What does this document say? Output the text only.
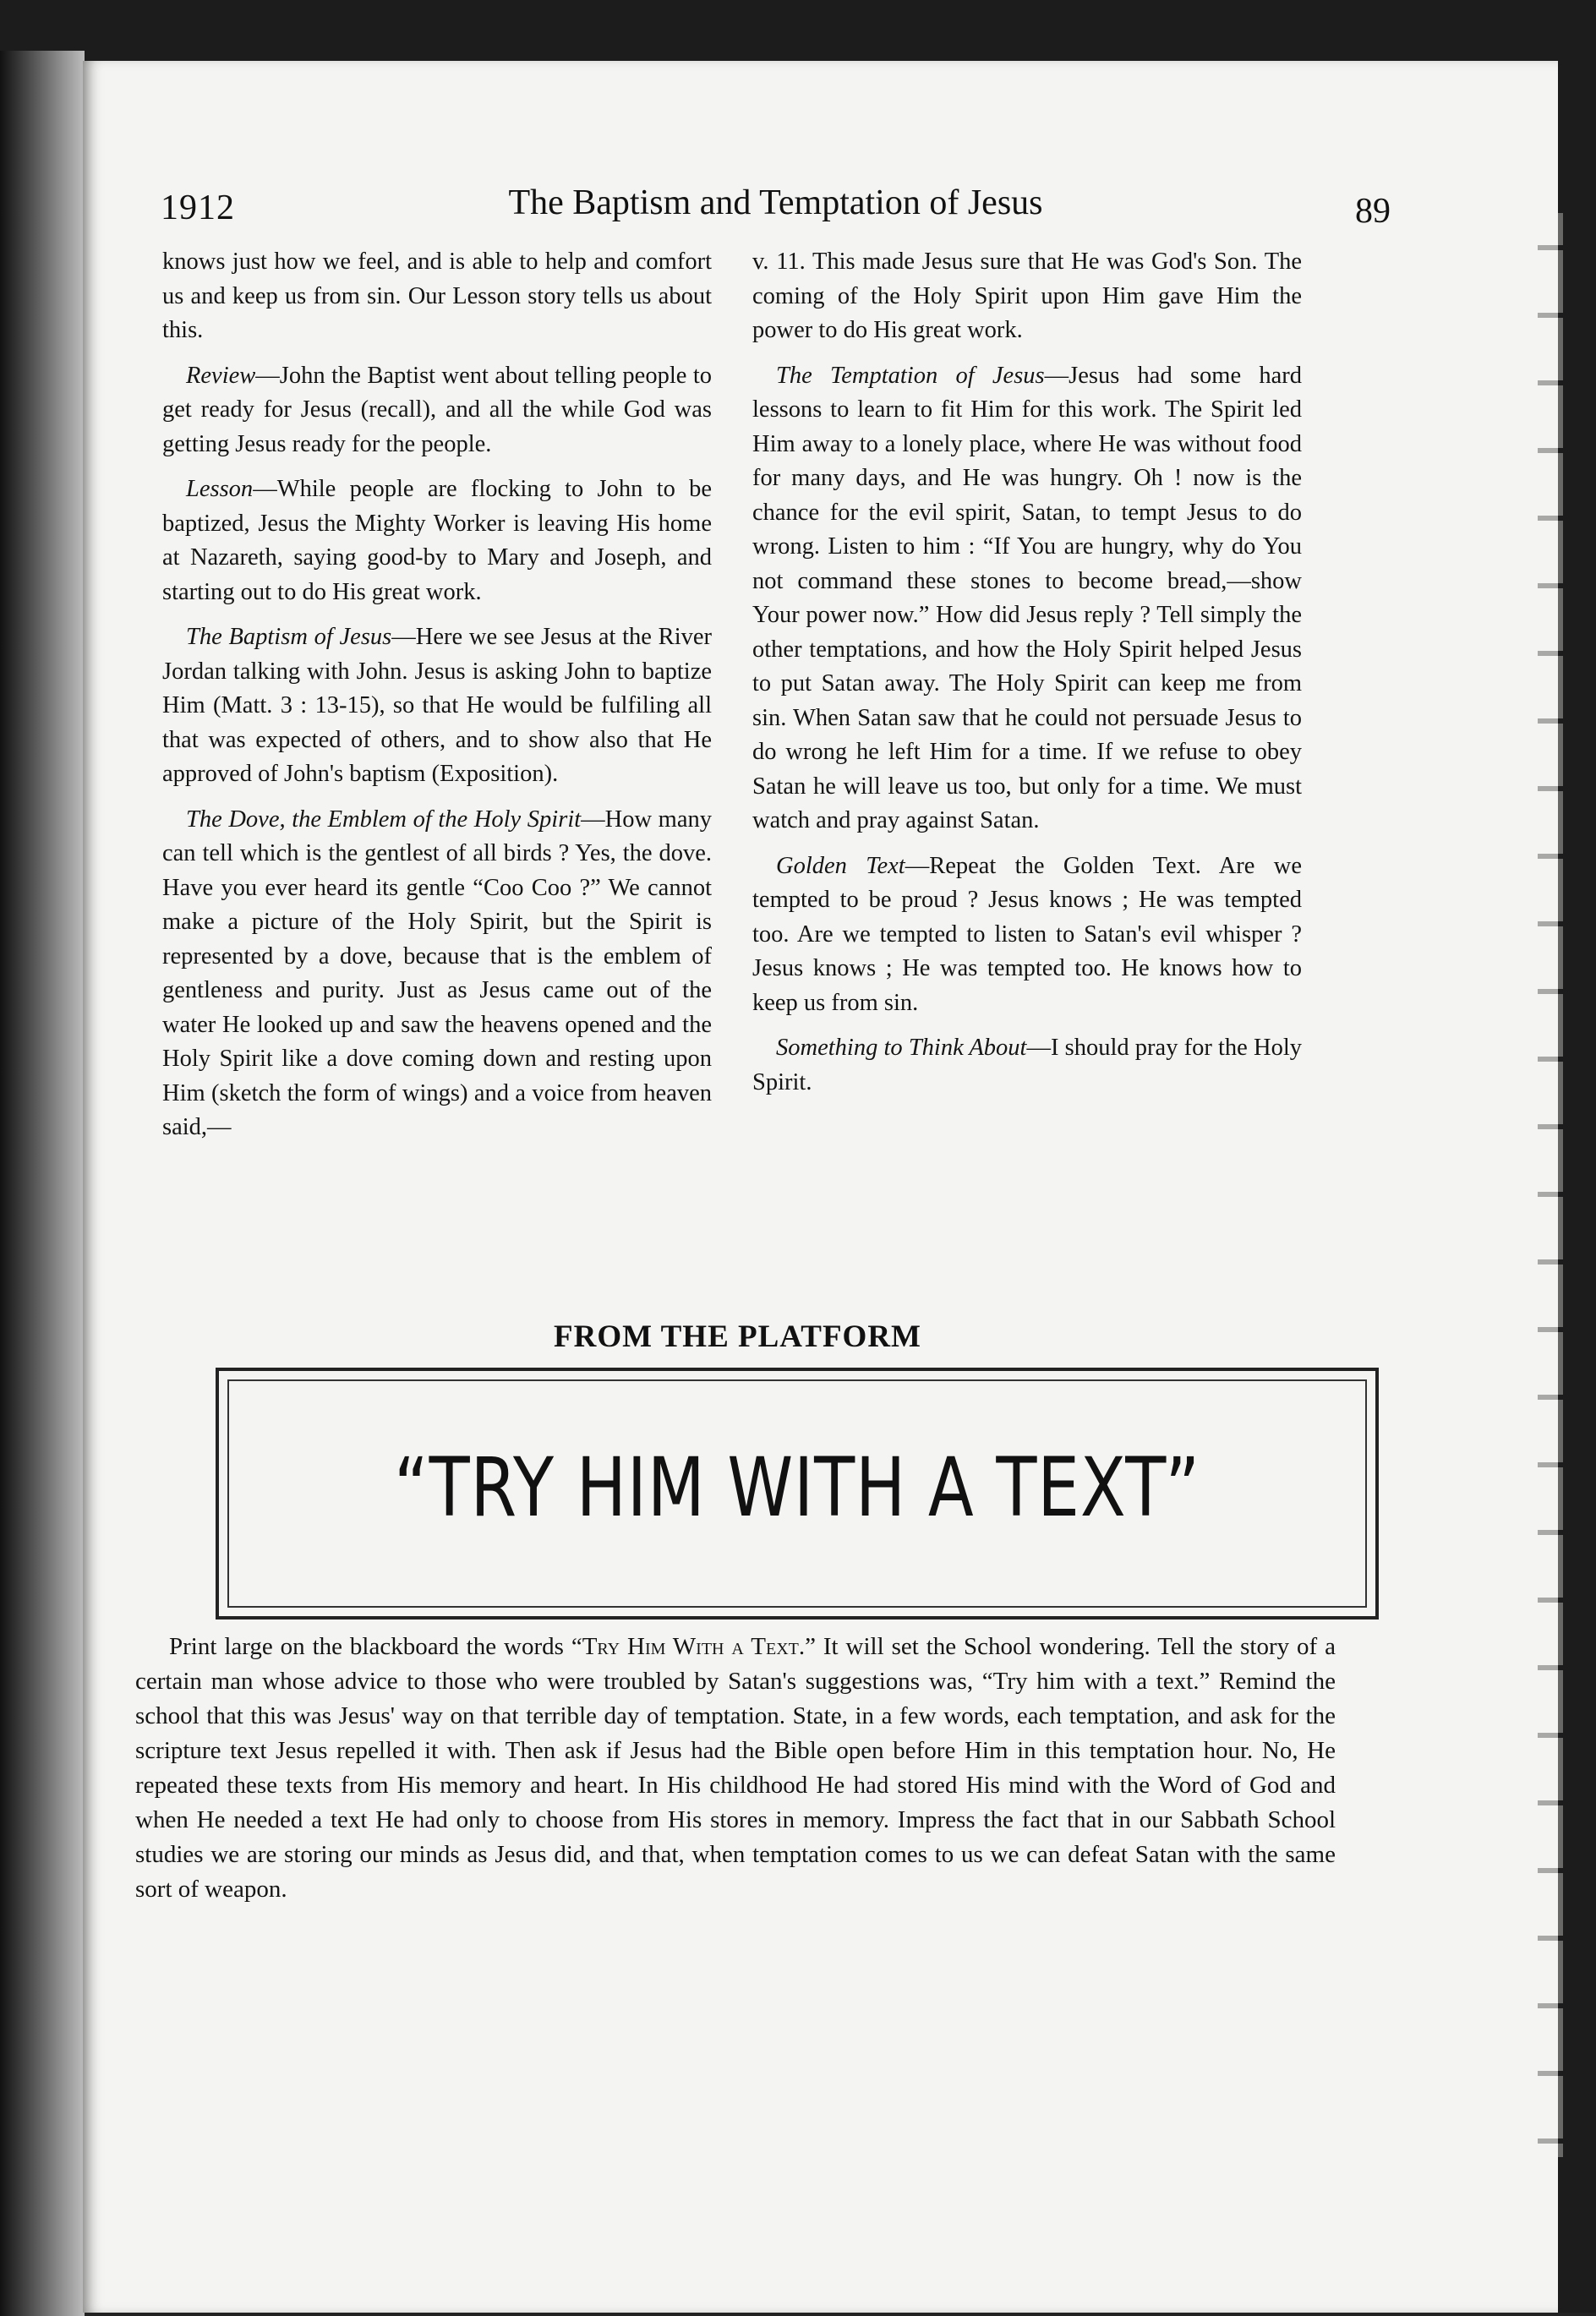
1912	The Baptism and Temptation of Jesus	89

knows just how we feel, and is able to help and comfort us and keep us from sin. Our Lesson story tells us about this.

Review—John the Baptist went about telling people to get ready for Jesus (recall), and all the while God was getting Jesus ready for the people.

Lesson—While people are flocking to John to be baptized, Jesus the Mighty Worker is leaving His home at Nazareth, saying good-by to Mary and Joseph, and starting out to do His great work.

The Baptism of Jesus—Here we see Jesus at the River Jordan talking with John. Jesus is asking John to baptize Him (Matt. 3 : 13-15), so that He would be fulfiling all that was expected of others, and to show also that He approved of John's baptism (Exposition).

The Dove, the Emblem of the Holy Spirit—How many can tell which is the gentlest of all birds ? Yes, the dove. Have you ever heard its gentle “Coo Coo ?” We cannot make a picture of the Holy Spirit, but the Spirit is represented by a dove, because that is the emblem of gentleness and purity. Just as Jesus came out of the water He looked up and saw the heavens opened and the Holy Spirit like a dove coming down and resting upon Him (sketch the form of wings) and a voice from heaven said,—

v. 11. This made Jesus sure that He was God's Son. The coming of the Holy Spirit upon Him gave Him the power to do His great work.

The Temptation of Jesus—Jesus had some hard lessons to learn to fit Him for this work. The Spirit led Him away to a lonely place, where He was without food for many days, and He was hungry. Oh ! now is the chance for the evil spirit, Satan, to tempt Jesus to do wrong. Listen to him : “If You are hungry, why do You not command these stones to become bread,—show Your power now.” How did Jesus reply ? Tell simply the other temptations, and how the Holy Spirit helped Jesus to put Satan away. The Holy Spirit can keep me from sin. When Satan saw that he could not persuade Jesus to do wrong he left Him for a time. If we refuse to obey Satan he will leave us too, but only for a time. We must watch and pray against Satan.

Golden Text—Repeat the Golden Text. Are we tempted to be proud ? Jesus knows ; He was tempted too. Are we tempted to listen to Satan's evil whisper ? Jesus knows ; He was tempted too. He knows how to keep us from sin.

Something to Think About—I should pray for the Holy Spirit.

FROM THE PLATFORM
“TRY HIM WITH A TEXT”

Print large on the blackboard the words “Try Him With a Text.” It will set the School wondering. Tell the story of a certain man whose advice to those who were troubled by Satan's suggestions was, “Try him with a text.” Remind the school that this was Jesus' way on that terrible day of temptation. State, in a few words, each temptation, and ask for the scripture text Jesus repelled it with. Then ask if Jesus had the Bible open before Him in this temptation hour. No, He repeated these texts from His memory and heart. In His childhood He had stored His mind with the Word of God and when He needed a text He had only to choose from His stores in memory. Impress the fact that in our Sabbath School studies we are storing our minds as Jesus did, and that, when temptation comes to us we can defeat Satan with the same sort of weapon.
